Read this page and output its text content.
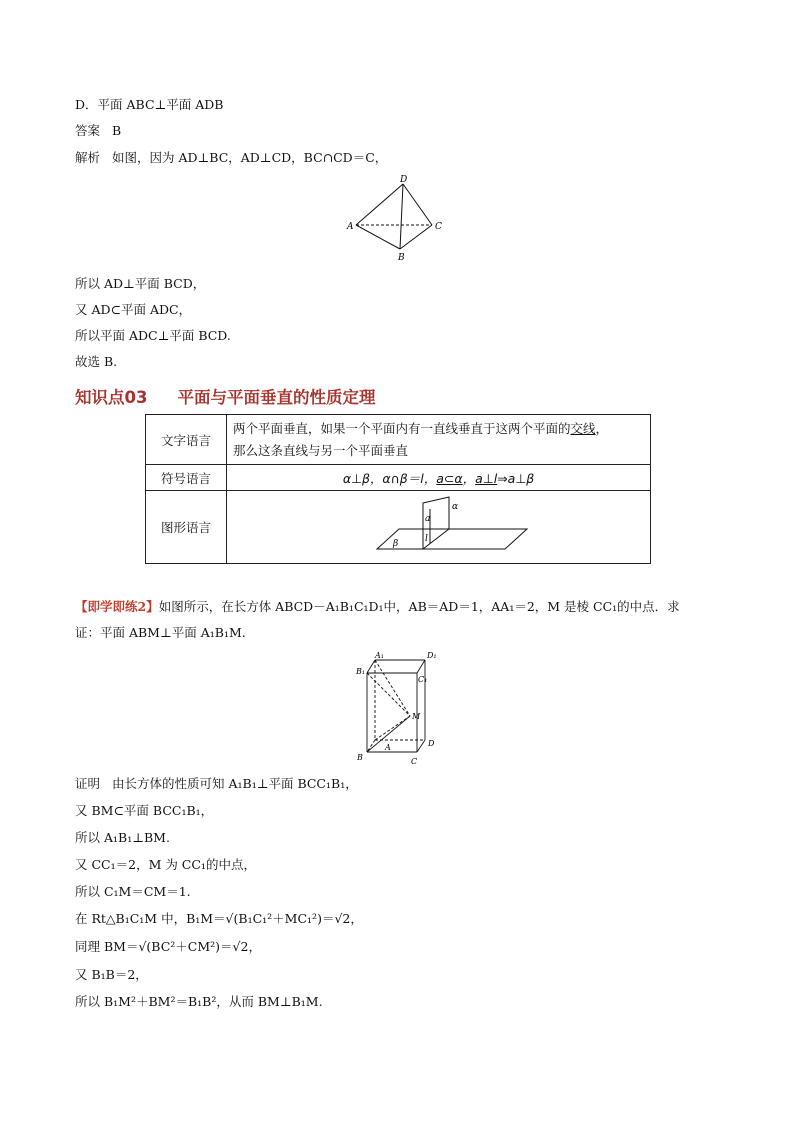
D．平面 ABC⊥平面 ADB
答案 B
解析 如图，因为 AD⊥BC，AD⊥CD，BC∩CD＝C，
D
A	C
B
所以 AD⊥平面 BCD，
又 AD⊂平面 ADC，
所以平面 ADC⊥平面 BCD.
故选 B.
知识点03 平面与平面垂直的性质定理
文字语言	两个平面垂直，如果一个平面内有一直线垂直于这两个平面的交线，
那么这条直线与另一个平面垂直
符号语言	α⊥β，α∩β＝l，a⊂α，a⊥l⇒a⊥β
图形语言	α
a
l
β
【即学即练2】如图所示，在长方体 ABCD－A₁B₁C₁D₁中，AB＝AD＝1，AA₁＝2，M 是棱 CC₁的中点．求
证：平面 ABM⊥平面 A₁B₁M.
A₁	D₁
B₁
C₁
M
A
B	C
D
证明 由长方体的性质可知 A₁B₁⊥平面 BCC₁B₁，
又 BM⊂平面 BCC₁B₁，
所以 A₁B₁⊥BM.
又 CC₁＝2，M 为 CC₁的中点，
所以 C₁M＝CM＝1.
在 Rt△B₁C₁M 中，B₁M＝√(B₁C₁²＋MC₁²)＝√2，
同理 BM＝√(BC²＋CM²)＝√2，
又 B₁B＝2，
所以 B₁M²＋BM²＝B₁B²，从而 BM⊥B₁M.
